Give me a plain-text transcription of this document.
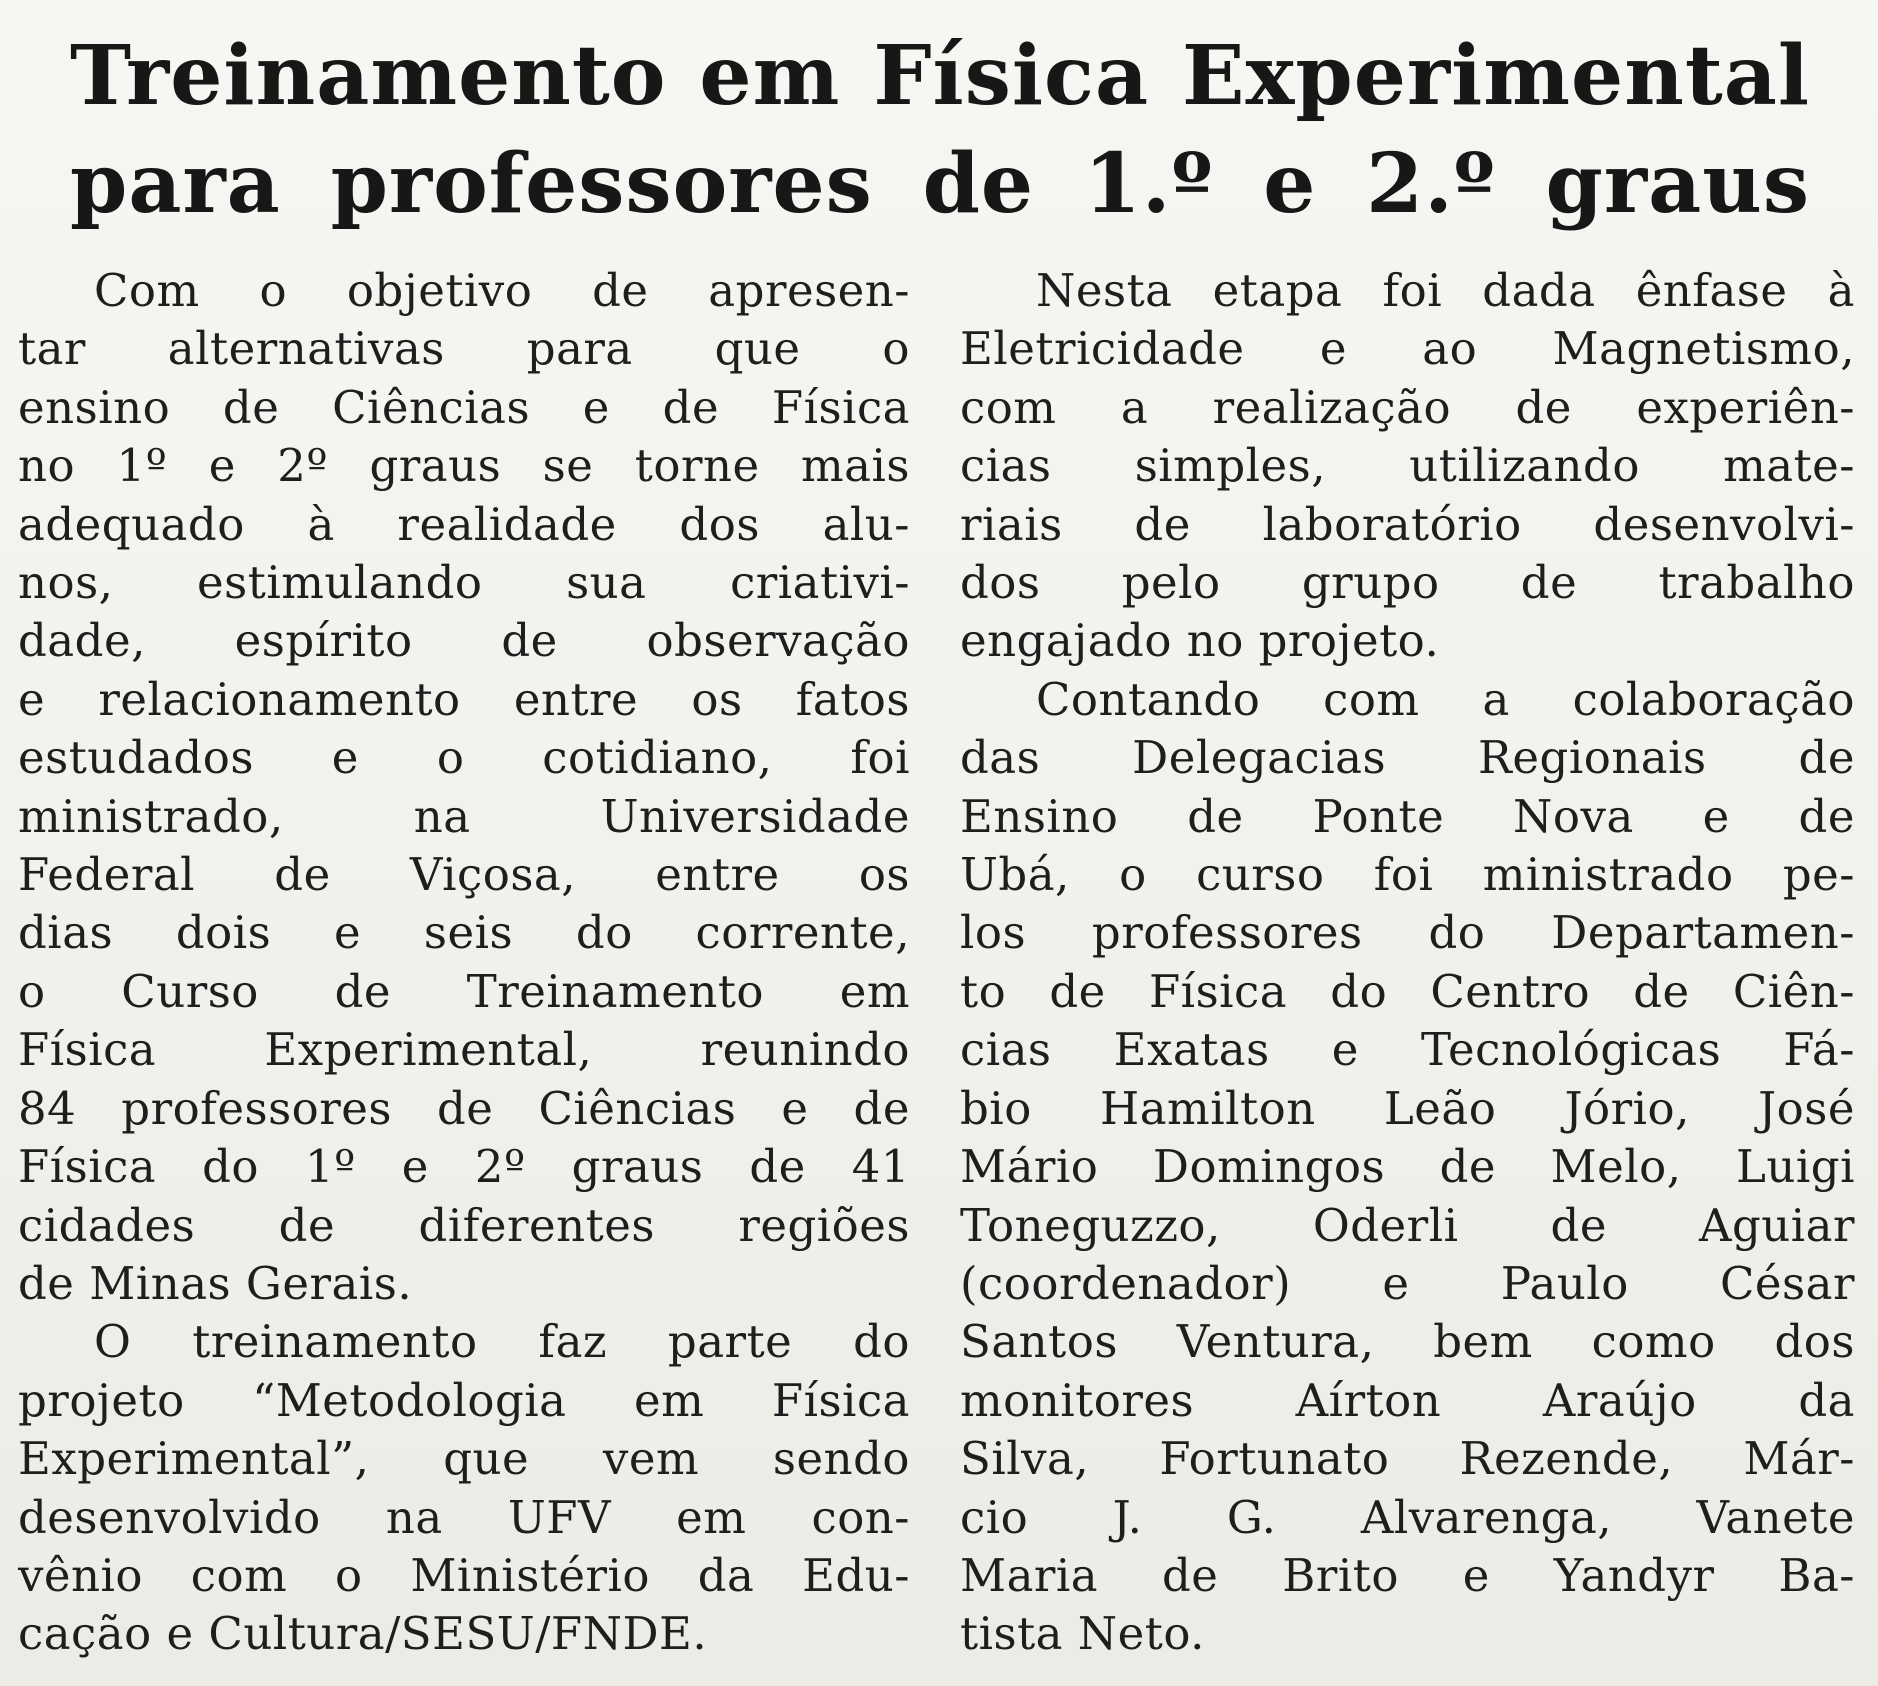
Treinamento em Física Experimental
para professores de 1.º e 2.º graus

Com o objetivo de apresen-
tar alternativas para que o
ensino de Ciências e de Física
no 1º e 2º graus se torne mais
adequado à realidade dos alu-
nos, estimulando sua criativi-
dade, espírito de observação
e relacionamento entre os fatos
estudados e o cotidiano, foi
ministrado, na Universidade
Federal de Viçosa, entre os
dias dois e seis do corrente,
o Curso de Treinamento em
Física Experimental, reunindo
84 professores de Ciências e de
Física do 1º e 2º graus de 41
cidades de diferentes regiões
de Minas Gerais.

O treinamento faz parte do
projeto “Metodologia em Física
Experimental”, que vem sendo
desenvolvido na UFV em con-
vênio com o Ministério da Edu-
cação e Cultura/SESU/FNDE.

Nesta etapa foi dada ênfase à
Eletricidade e ao Magnetismo,
com a realização de experiên-
cias simples, utilizando mate-
riais de laboratório desenvolvi-
dos pelo grupo de trabalho
engajado no projeto.

Contando com a colaboração
das Delegacias Regionais de
Ensino de Ponte Nova e de
Ubá, o curso foi ministrado pe-
los professores do Departamen-
to de Física do Centro de Ciên-
cias Exatas e Tecnológicas Fá-
bio Hamilton Leão Jório, José
Mário Domingos de Melo, Luigi
Toneguzzo, Oderli de Aguiar
(coordenador) e Paulo César
Santos Ventura, bem como dos
monitores Aírton Araújo da
Silva, Fortunato Rezende, Már-
cio J. G. Alvarenga, Vanete
Maria de Brito e Yandyr Ba-
tista Neto.
